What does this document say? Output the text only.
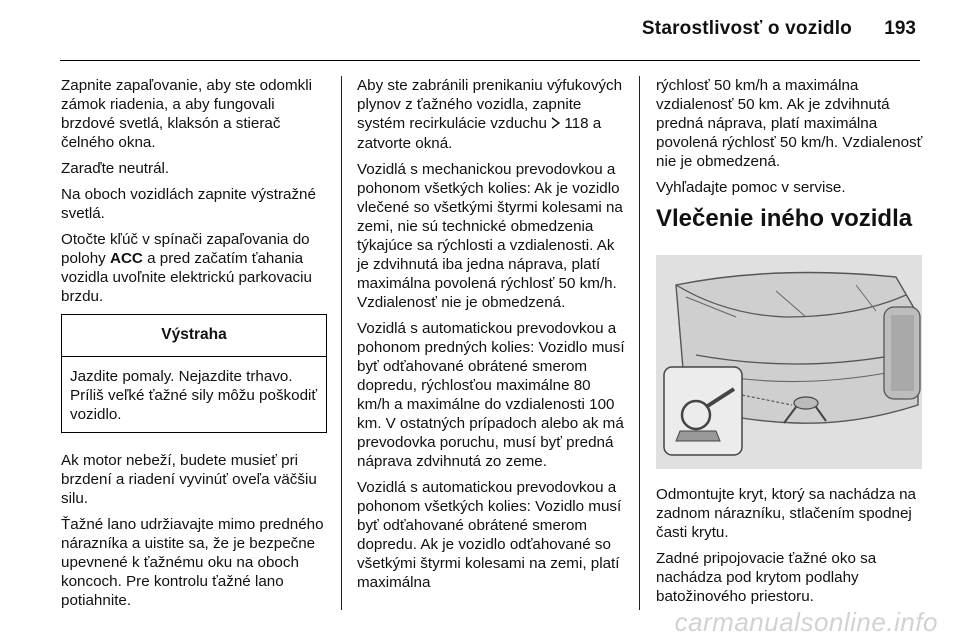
Starostlivosť o vozidlo 193

Zapnite zapaľovanie, aby ste odomkli zámok riadenia, a aby fungovali brzdové svetlá, klaksón a stierač čelného okna.

Zaraďte neutrál.

Na oboch vozidlách zapnite výstražné svetlá.

Otočte kľúč v spínači zapaľovania do polohy ACC a pred začatím ťahania vozidla uvoľnite elektrickú parkovaciu brzdu.

Výstraha
Jazdite pomaly. Nejazdite trhavo. Príliš veľké ťažné sily môžu poškodiť vozidlo.

Ak motor nebeží, budete musieť pri brzdení a riadení vyvinúť oveľa väčšiu silu.

Ťažné lano udržiavajte mimo predného nárazníka a uistite sa, že je bezpečne upevnené k ťažnému oku na oboch koncoch. Pre kontrolu ťažné lano potiahnite.

Aby ste zabránili prenikaniu výfukových plynov z ťažného vozidla, zapnite systém recirkulácie vzduchu  118 a zatvorte okná.

Vozidlá s mechanickou prevodovkou a pohonom všetkých kolies: Ak je vozidlo vlečené so všetkými štyrmi kolesami na zemi, nie sú technické obmedzenia týkajúce sa rýchlosti a vzdialenosti. Ak je zdvihnutá iba jedna náprava, platí maximálna povolená rýchlosť 50 km/h. Vzdialenosť nie je obmedzená.

Vozidlá s automatickou prevodovkou a pohonom predných kolies: Vozidlo musí byť odťahované obrátené smerom dopredu, rýchlosťou maximálne 80 km/h a maximálne do vzdialenosti 100 km. V ostatných prípadoch alebo ak má prevodovka poruchu, musí byť predná náprava zdvihnutá zo zeme.

Vozidlá s automatickou prevodovkou a pohonom všetkých kolies: Vozidlo musí byť odťahované obrátené smerom dopredu. Ak je vozidlo odťahované so všetkými štyrmi kolesami na zemi, platí maximálna

rýchlosť 50 km/h a maximálna vzdialenosť 50 km. Ak je zdvihnutá predná náprava, platí maximálna povolená rýchlosť 50 km/h. Vzdialenosť nie je obmedzená.

Vyhľadajte pomoc v servise.

Vlečenie iného vozidla

Odmontujte kryt, ktorý sa nachádza na zadnom nárazníku, stlačením spodnej časti krytu.

Zadné pripojovacie ťažné oko sa nachádza pod krytom podlahy batožinového priestoru.

carmanualsonline.info
